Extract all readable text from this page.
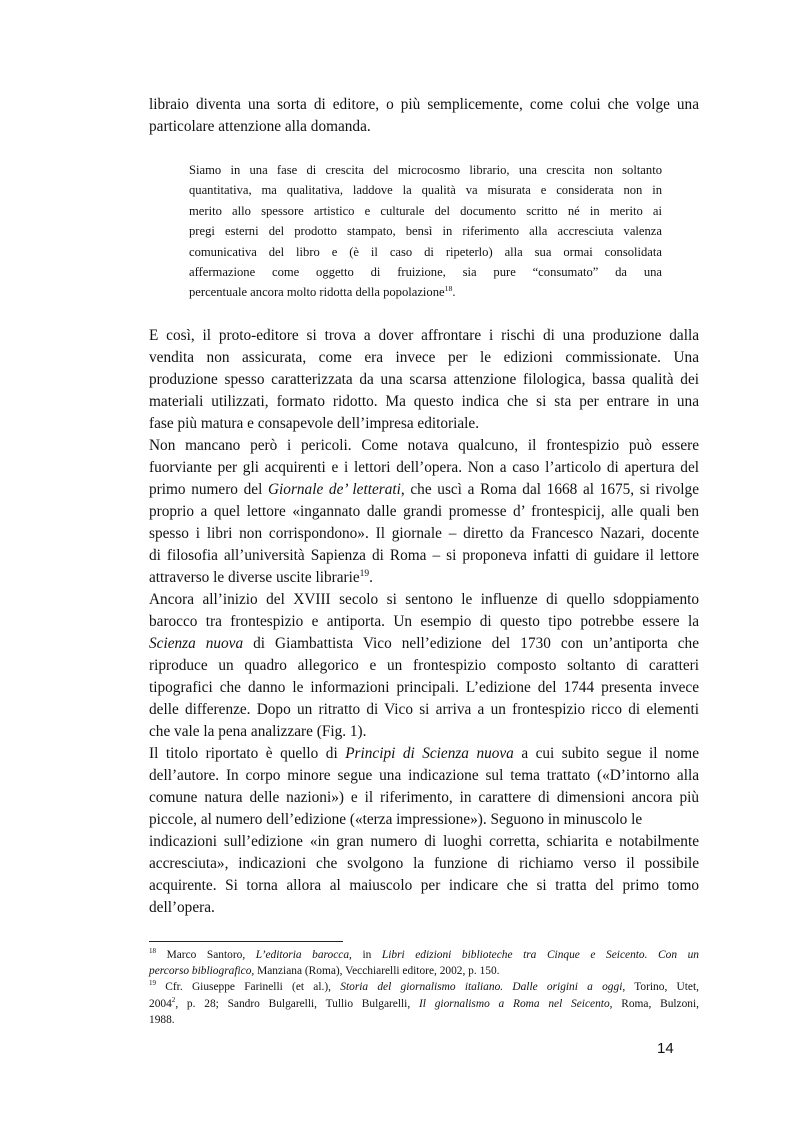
libraio diventa una sorta di editore, o più semplicemente, come colui che volge una
particolare attenzione alla domanda.
Siamo in una fase di crescita del microcosmo librario, una crescita non soltanto
quantitativa, ma qualitativa, laddove la qualità va misurata e considerata non in
merito allo spessore artistico e culturale del documento scritto né in merito ai
pregi esterni del prodotto stampato, bensì in riferimento alla accresciuta valenza
comunicativa del libro e (è il caso di ripeterlo) alla sua ormai consolidata
affermazione come oggetto di fruizione, sia pure “consumato” da una
percentuale ancora molto ridotta della popolazione$^{18}$.
E così, il proto-editore si trova a dover affrontare i rischi di una produzione dalla
vendita non assicurata, come era invece per le edizioni commissionate. Una
produzione spesso caratterizzata da una scarsa attenzione filologica, bassa qualità dei
materiali utilizzati, formato ridotto. Ma questo indica che si sta per entrare in una
fase più matura e consapevole dell’impresa editoriale.
Non mancano però i pericoli. Come notava qualcuno, il frontespizio può essere
fuorviante per gli acquirenti e i lettori dell’opera. Non a caso l’articolo di apertura del
primo numero del Giornale de’ letterati, che uscì a Roma dal 1668 al 1675, si rivolge
proprio a quel lettore «ingannato dalle grandi promesse d’ frontespicij, alle quali ben
spesso i libri non corrispondono». Il giornale – diretto da Francesco Nazari, docente
di filosofia all’università Sapienza di Roma – si proponeva infatti di guidare il lettore
attraverso le diverse uscite librarie$^{19}$.
Ancora all’inizio del XVIII secolo si sentono le influenze di quello sdoppiamento
barocco tra frontespizio e antiporta. Un esempio di questo tipo potrebbe essere la
Scienza nuova di Giambattista Vico nell’edizione del 1730 con un’antiporta che
riproduce un quadro allegorico e un frontespizio composto soltanto di caratteri
tipografici che danno le informazioni principali. L’edizione del 1744 presenta invece
delle differenze. Dopo un ritratto di Vico si arriva a un frontespizio ricco di elementi
che vale la pena analizzare (Fig. 1).
Il titolo riportato è quello di Principi di Scienza nuova a cui subito segue il nome
dell’autore. In corpo minore segue una indicazione sul tema trattato («D’intorno alla
comune natura delle nazioni») e il riferimento, in carattere di dimensioni ancora più
piccole, al numero dell’edizione («terza impressione»). Seguono in minuscolo le
indicazioni sull’edizione «in gran numero di luoghi corretta, schiarita e notabilmente
accresciuta», indicazioni che svolgono la funzione di richiamo verso il possibile
acquirente. Si torna allora al maiuscolo per indicare che si tratta del primo tomo
dell’opera.
$^{18}$ Marco Santoro, L’editoria barocca, in Libri edizioni biblioteche tra Cinque e Seicento. Con un
percorso bibliografico, Manziana (Roma), Vecchiarelli editore, 2002, p. 150.
$^{19}$ Cfr. Giuseppe Farinelli (et al.), Storia del giornalismo italiano. Dalle origini a oggi, Torino, Utet,
2004$^2$, p. 28; Sandro Bulgarelli, Tullio Bulgarelli, Il giornalismo a Roma nel Seicento, Roma, Bulzoni,
1988.
14
